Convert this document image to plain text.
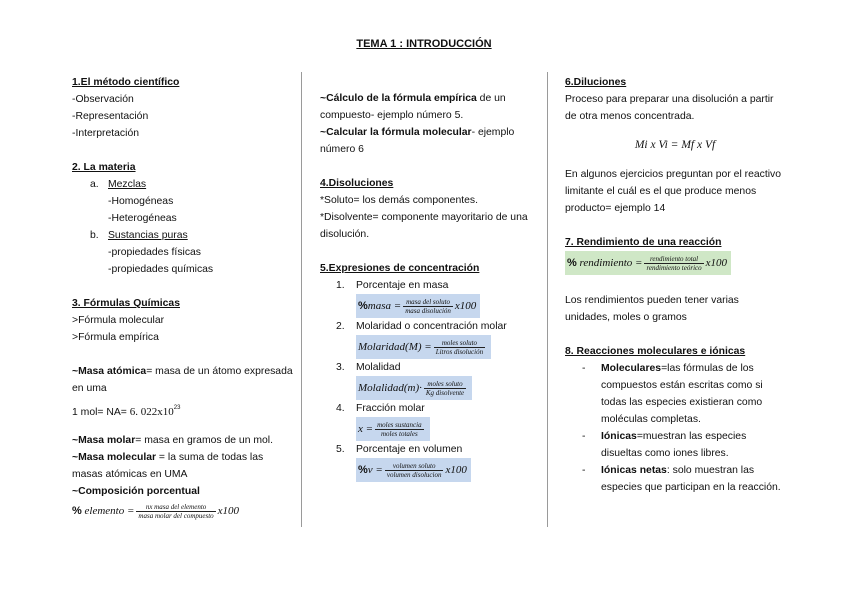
TEMA 1 : INTRODUCCIÓN
1.El método científico
-Observación
-Representación
-Interpretación
2. La materia
a. Mezclas
-Homogéneas
-Heterogéneas
b. Sustancias puras
-propiedades físicas
-propiedades químicas
3. Fórmulas Químicas
>Fórmula molecular
>Fórmula empírica
~Masa atómica= masa de un átomo expresada en uma
1 mol= NA= 6. $022x10^{23}$
~Masa molar= masa en gramos de un mol.
~Masa molecular = la suma de todas las masas atómicas en UMA
~Composición porcentual
% elemento = $\frac{\text{nx masa del elemento}}{\text{masa molar del compuesto}} x100$
~Cálculo de la fórmula empírica de un compuesto- ejemplo número 5.
~Calcular la fórmula molecular- ejemplo número 6
4.Disoluciones
*Soluto= los demás componentes.
*Disolvente= componente mayoritario de una disolución.
5.Expresiones de concentración
1. Porcentaje en masa
%masa = $\frac{\text{masa del soluto}}{\text{masa disolución}} x100$
2. Molaridad o concentración molar
Molaridad(M) = $\frac{\text{moles soluto}}{\text{Litros disolución}}$
3. Molalidad
Molalidad(m)· $\frac{\text{moles soluto}}{\text{Kg disolvente}}$
4. Fracción molar
$x = \frac{\text{moles sustancia}}{\text{moles totales}}$
5. Porcentaje en volumen
$\%v = \frac{\text{volumen soluto}}{\text{volumen disolucion}} x100$
6.Diluciones
Proceso para preparar una disolución a partir de otra menos concentrada.
Mi x Vi = Mf x Vf
En algunos ejercicios preguntan por el reactivo limitante el cuál es el que produce menos producto= ejemplo 14
7. Rendimiento de una reacción
% rendimiento = $\frac{\text{rendimiento total}}{\text{rendimiento teórico}} x100$
Los rendimientos pueden tener varias unidades, moles o gramos
8. Reacciones moleculares e iónicas
- Moleculares=las fórmulas de los compuestos están escritas como si todas las especies existieran como moléculas completas.
- Iónicas=muestran las especies disueltas como iones libres.
- Iónicas netas: solo muestran las especies que participan en la reacción.
